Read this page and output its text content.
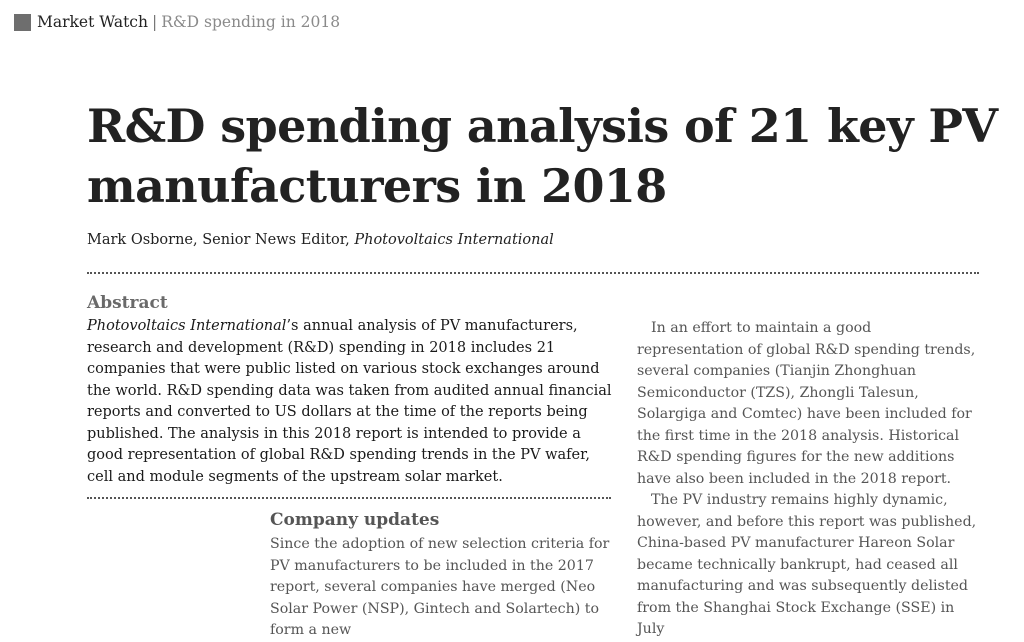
Market Watch | R&D spending in 2018
R&D spending analysis of 21 key PV
manufacturers in 2018
Mark Osborne, Senior News Editor, Photovoltaics International
Abstract

Photovoltaics International’s annual analysis of PV manufacturers, research and development (R&D) spending in 2018 includes 21 companies that were public listed on various stock exchanges around the world. R&D spending data was taken from audited annual financial reports and converted to US dollars at the time of the reports being published. The analysis in this 2018 report is intended to provide a good representation of global R&D spending trends in the PV wafer, cell and module segments of the upstream solar market.

Company updates

Since the adoption of new selection criteria for PV manufacturers to be included in the 2017 report, several companies have merged (Neo Solar Power (NSP), Gintech and Solartech) to form a new

In an effort to maintain a good representation of global R&D spending trends, several companies (Tianjin Zhonghuan Semiconductor (TZS), Zhongli Talesun, Solargiga and Comtec) have been included for the first time in the 2018 analysis. Historical R&D spending figures for the new additions have also been included in the 2018 report.

The PV industry remains highly dynamic, however, and before this report was published, China-based PV manufacturer Hareon Solar became technically bankrupt, had ceased all manufacturing and was subsequently delisted from the Shanghai Stock Exchange (SSE) in July
